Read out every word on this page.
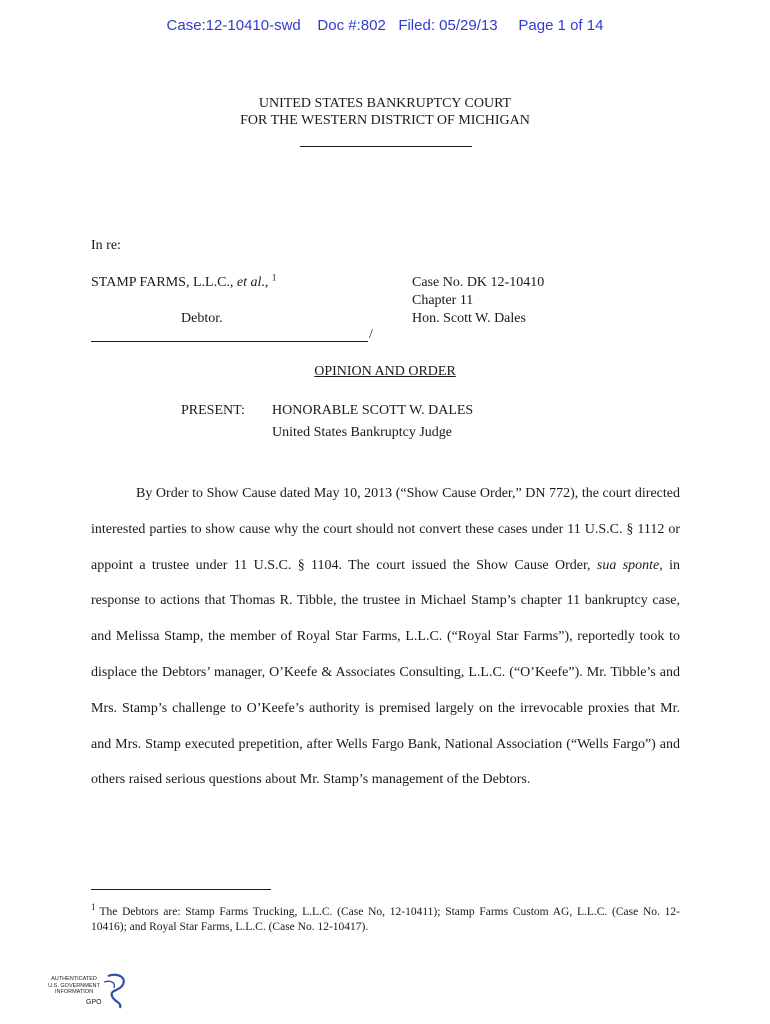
Case:12-10410-swd    Doc #:802   Filed: 05/29/13     Page 1 of 14
UNITED STATES BANKRUPTCY COURT
FOR THE WESTERN DISTRICT OF MICHIGAN
In re:
STAMP FARMS, L.L.C., et al., $^1$
Debtor.
/
Case No. DK 12-10410
Chapter 11
Hon. Scott W. Dales
OPINION AND ORDER
PRESENT: HONORABLE SCOTT W. DALES
United States Bankruptcy Judge

By Order to Show Cause dated May 10, 2013 (“Show Cause Order,” DN 772), the court directed interested parties to show cause why the court should not convert these cases under 11 U.S.C. § 1112 or appoint a trustee under 11 U.S.C. § 1104. The court issued the Show Cause Order, sua sponte, in response to actions that Thomas R. Tibble, the trustee in Michael Stamp’s chapter 11 bankruptcy case, and Melissa Stamp, the member of Royal Star Farms, L.L.C. (“Royal Star Farms”), reportedly took to displace the Debtors’ manager, O’Keefe & Associates Consulting, L.L.C. (“O’Keefe”). Mr. Tibble’s and Mrs. Stamp’s challenge to O’Keefe’s authority is premised largely on the irrevocable proxies that Mr. and Mrs. Stamp executed prepetition, after Wells Fargo Bank, National Association (“Wells Fargo”) and others raised serious questions about Mr. Stamp’s management of the Debtors.

$^1$ The Debtors are: Stamp Farms Trucking, L.L.C. (Case No, 12-10411); Stamp Farms Custom AG, L.L.C. (Case No. 12-10416); and Royal Star Farms, L.L.C. (Case No. 12-10417).
AUTHENTICATED
U.S. GOVERNMENT
INFORMATION
GPO
